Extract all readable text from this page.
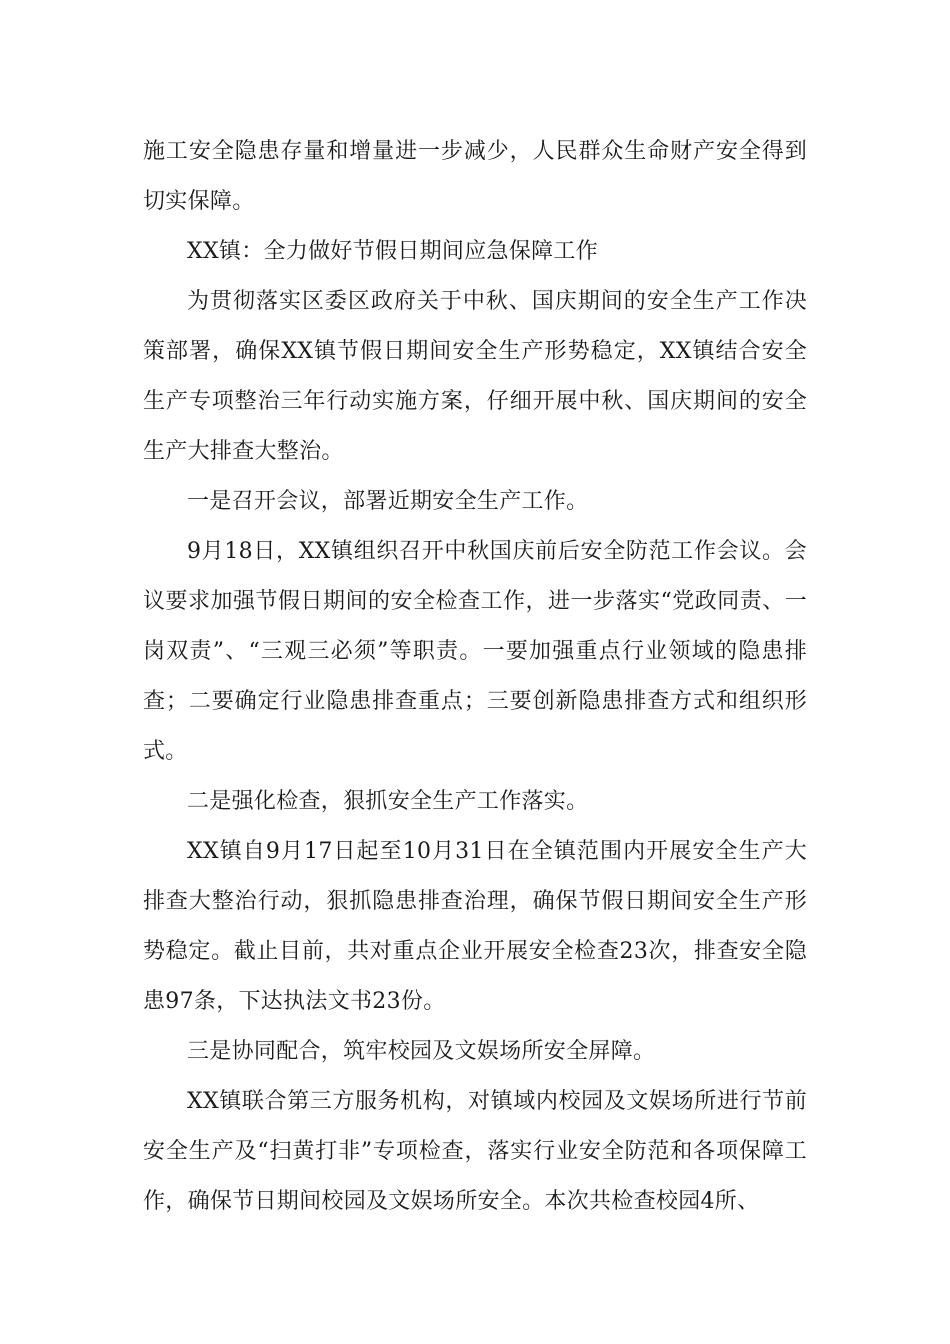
施工安全隐患存量和增量进一步减少，人民群众生命财产安全得到切实保障。

XX镇：全力做好节假日期间应急保障工作

为贯彻落实区委区政府关于中秋、国庆期间的安全生产工作决策部署，确保XX镇节假日期间安全生产形势稳定，XX镇结合安全生产专项整治三年行动实施方案，仔细开展中秋、国庆期间的安全生产大排查大整治。

一是召开会议，部署近期安全生产工作。

9月18日，XX镇组织召开中秋国庆前后安全防范工作会议。会议要求加强节假日期间的安全检查工作，进一步落实“党政同责、一岗双责”、“三观三必须”等职责。一要加强重点行业领域的隐患排查；二要确定行业隐患排查重点；三要创新隐患排查方式和组织形式。

二是强化检查，狠抓安全生产工作落实。

XX镇自9月17日起至10月31日在全镇范围内开展安全生产大排查大整治行动，狠抓隐患排查治理，确保节假日期间安全生产形势稳定。截止目前，共对重点企业开展安全检查23次，排查安全隐患97条，下达执法文书23份。

三是协同配合，筑牢校园及文娱场所安全屏障。

XX镇联合第三方服务机构，对镇域内校园及文娱场所进行节前安全生产及“扫黄打非”专项检查，落实行业安全防范和各项保障工作，确保节日期间校园及文娱场所安全。本次共检查校园4所、
